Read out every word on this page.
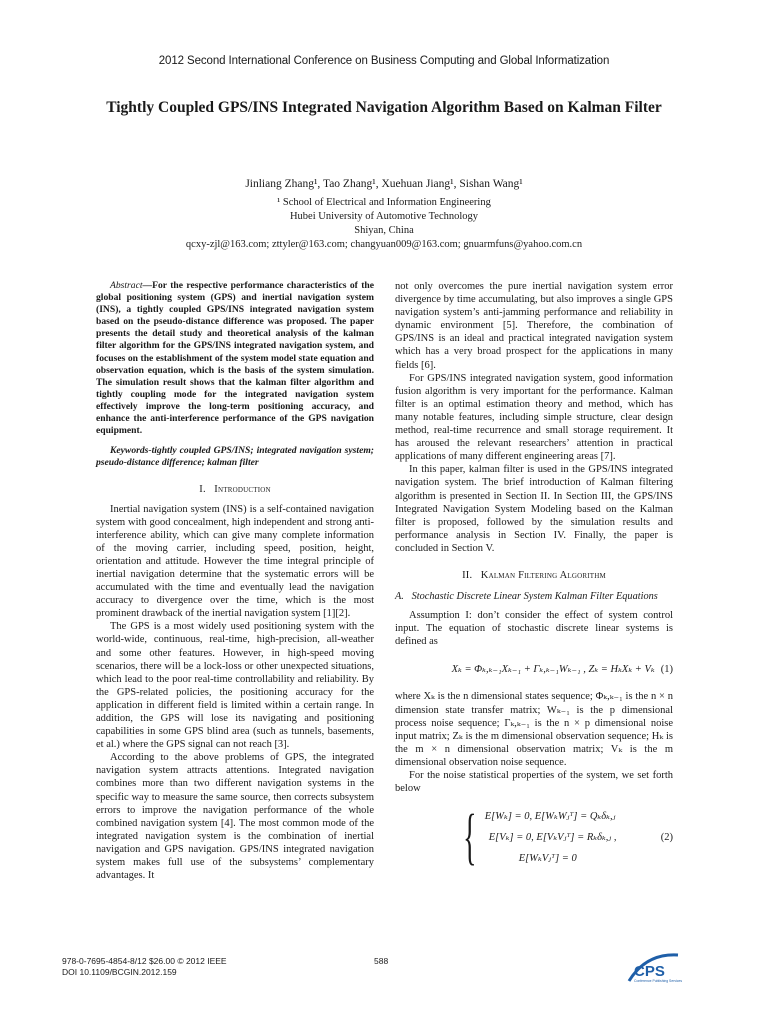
2012 Second International Conference on Business Computing and Global Informatization
Tightly Coupled GPS/INS Integrated Navigation Algorithm Based on Kalman Filter
Jinliang Zhang¹, Tao Zhang¹, Xuehuan Jiang¹, Sishan Wang¹
¹ School of Electrical and Information Engineering
Hubei University of Automotive Technology
Shiyan, China
qcxy-zjl@163.com; zttyler@163.com; changyuan009@163.com; gnuarmfuns@yahoo.com.cn

Abstract—For the respective performance characteristics of the global positioning system (GPS) and inertial navigation system (INS), a tightly coupled GPS/INS integrated navigation system based on the pseudo-distance difference was proposed. The paper presents the detail study and theoretical analysis of the kalman filter algorithm for the GPS/INS integrated navigation system, and focuses on the establishment of the system model state equation and observation equation, which is the basis of the system simulation. The simulation result shows that the kalman filter algorithm and tightly coupling mode for the integrated navigation system effectively improve the long-term positioning accuracy, and enhance the anti-interference performance of the GPS navigation equipment.

Keywords-tightly coupled GPS/INS; integrated navigation system; pseudo-distance difference; kalman filter

I. Introduction

Inertial navigation system (INS) is a self-contained navigation system with good concealment, high independent and strong anti-interference ability, which can give many complete information of the moving carrier, including speed, position, height, orientation and attitude. However the time integral principle of inertial navigation determine that the systematic errors will be accumulated with the time and eventually lead the navigation accuracy to divergence over the time, which is the most prominent drawback of the inertial navigation system [1][2].

The GPS is a most widely used positioning system with the world-wide, continuous, real-time, high-precision, all-weather and some other features. However, in high-speed moving scenarios, there will be a lock-loss or other unexpected situations, which lead to the poor real-time controllability and reliability. By the GPS-related policies, the positioning accuracy for the application in different field is limited within a certain range. In addition, the GPS will lose its navigating and positioning capabilities in some GPS blind area (such as tunnels, basements, et al.) where the GPS signal can not reach [3].

According to the above problems of GPS, the integrated navigation system attracts attentions. Integrated navigation combines more than two different navigation systems in the specific way to measure the same source, then corrects subsystem errors to improve the navigation performance of the whole combined navigation system [4]. The most common mode of the integrated navigation system is the combination of inertial navigation and GPS navigation. GPS/INS integrated navigation system makes full use of the subsystems’ complementary advantages. It

not only overcomes the pure inertial navigation system error divergence by time accumulating, but also improves a single GPS navigation system’s anti-jamming performance and reliability in dynamic environment [5]. Therefore, the combination of GPS/INS is an ideal and practical integrated navigation system which has a very broad prospect for the applications in many fields [6].

For GPS/INS integrated navigation system, good information fusion algorithm is very important for the performance. Kalman filter is an optimal estimation theory and method, which has many notable features, including simple structure, clear design method, real-time recurrence and small storage requirement. It has aroused the relevant researchers’ attention in practical applications of many different engineering areas [7].

In this paper, kalman filter is used in the GPS/INS integrated navigation system. The brief introduction of Kalman filtering algorithm is presented in Section II. In Section III, the GPS/INS Integrated Navigation System Modeling based on the Kalman filter is proposed, followed by the simulation results and performance analysis in Section IV. Finally, the paper is concluded in Section V.

II. Kalman Filtering Algorithm
A. Stochastic Discrete Linear System Kalman Filter Equations

Assumption I: don’t consider the effect of system control input. The equation of stochastic discrete linear systems is defined as

Xₖ = Φₖ,ₖ₋₁Xₖ₋₁ + Γₖ,ₖ₋₁Wₖ₋₁ , Zₖ = HₖXₖ + Vₖ (1)

where Xₖ is the n dimensional states sequence; Φₖ,ₖ₋₁ is the n × n dimension state transfer matrix; Wₖ₋₁ is the p dimensional process noise sequence; Γₖ,ₖ₋₁ is the n × p dimensional noise input matrix; Zₖ is the m dimensional observation sequence; Hₖ is the m × n dimensional observation matrix; Vₖ is the m dimensional observation noise sequence.

For the noise statistical properties of the system, we set forth below

{ E[Wₖ] = 0, E[WₖWⱼᵀ] = Qₖδₖ,ⱼ
E[Vₖ] = 0, E[VₖVⱼᵀ] = Rₖδₖ,ⱼ ,
E[WₖVⱼᵀ] = 0
(2)
978-0-7695-4854-8/12 $26.00 © 2012 IEEE
DOI 10.1109/BCGIN.2012.159
588
CPS
Conference Publishing Services
